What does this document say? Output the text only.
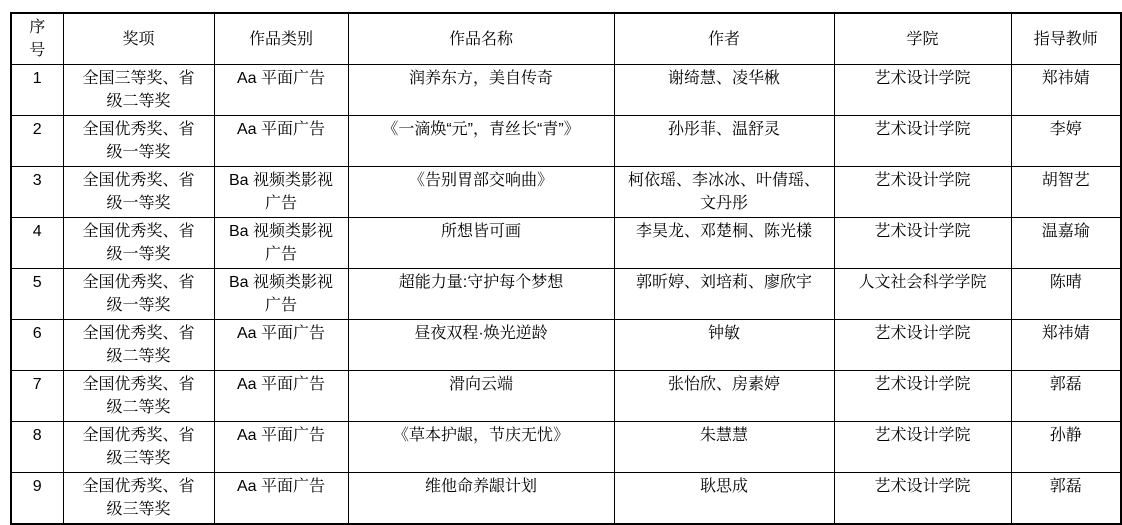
序号	奖项	作品类别	作品名称	作者	学院	指导教师
1	全国三等奖、省级二等奖	Aa 平面广告	润养东方，美自传奇	谢绮慧、凌华楸	艺术设计学院	郑祎婧
2	全国优秀奖、省级一等奖	Aa 平面广告	《一滴焕“元”，青丝长“青”》	孙彤菲、温舒灵	艺术设计学院	李婷
3	全国优秀奖、省级一等奖	Ba 视频类影视广告	《告别胃部交响曲》	柯依瑶、李冰冰、叶倩瑶、文丹彤	艺术设计学院	胡智艺
4	全国优秀奖、省级一等奖	Ba 视频类影视广告	所想皆可画	李昊龙、邓楚桐、陈光樣	艺术设计学院	温嘉瑜
5	全国优秀奖、省级一等奖	Ba 视频类影视广告	超能力量:守护每个梦想	郭昕婷、刘培莉、廖欣宇	人文社会科学学院	陈晴
6	全国优秀奖、省级二等奖	Aa 平面广告	昼夜双程·焕光逆龄	钟敏	艺术设计学院	郑祎婧
7	全国优秀奖、省级二等奖	Aa 平面广告	滑向云端	张怡欣、房素婷	艺术设计学院	郭磊
8	全国优秀奖、省级三等奖	Aa 平面广告	《草本护龈，节庆无忧》	朱慧慧	艺术设计学院	孙静
9	全国优秀奖、省级三等奖	Aa 平面广告	维他命养龈计划	耿思成	艺术设计学院	郭磊
